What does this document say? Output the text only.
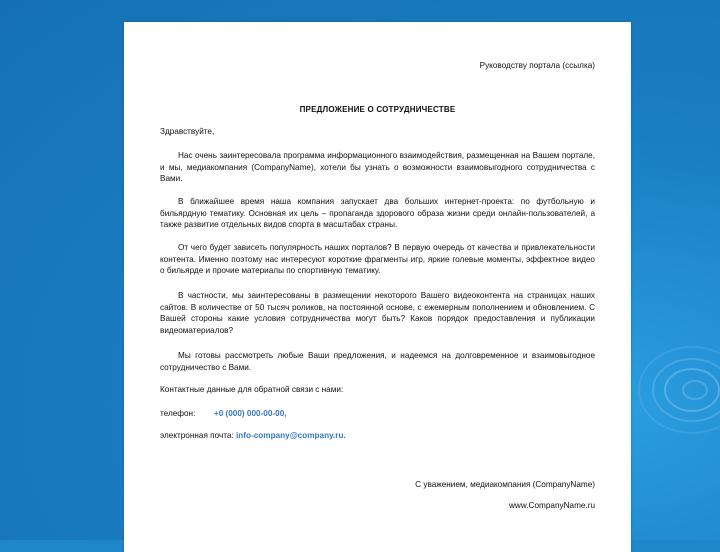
Руководству портала (ссылка)
ПРЕДЛОЖЕНИЕ О СОТРУДНИЧЕСТВЕ

Здравствуйте,

Нас очень заинтересовала программа информационного взаимодействия, размещенная на Вашем портале, и мы, медиакомпания (CompanyName), хотели бы узнать о возможности взаимовыгодного сотрудничества с Вами.

В ближайшее время наша компания запускает два больших интернет-проекта: по футбольную и бильярдную тематику. Основная их цель – пропаганда здорового образа жизни среди онлайн-пользователей, а также развитие отдельных видов спорта в масштабах страны.

От чего будет зависеть популярность наших порталов? В первую очередь от качества и привлекательности контента. Именно поэтому нас интересуют короткие фрагменты игр, яркие голевые моменты, эффектное видео о бильярде и прочие материалы по спортивную тематику.

В частности, мы заинтересованы в размещении некоторого Вашего видеоконтента на страницах наших сайтов. В количестве от 50 тысяч роликов, на постоянной основе, с ежемерным пополнением и обновлением. С Вашей стороны какие условия сотрудничества могут быть? Каков порядок предоставления и публикации видеоматериалов?

Мы готовы рассмотреть любые Ваши предложения, и надеемся на долговременное и взаимовыгодное сотрудничество с Вами.

Контактные данные для обратной связи с нами:

телефон: +0 (000) 000-00-00,

электронная почта: info-company@company.ru.

С уважением, медиакомпания (CompanyName)
www.CompanyName.ru
